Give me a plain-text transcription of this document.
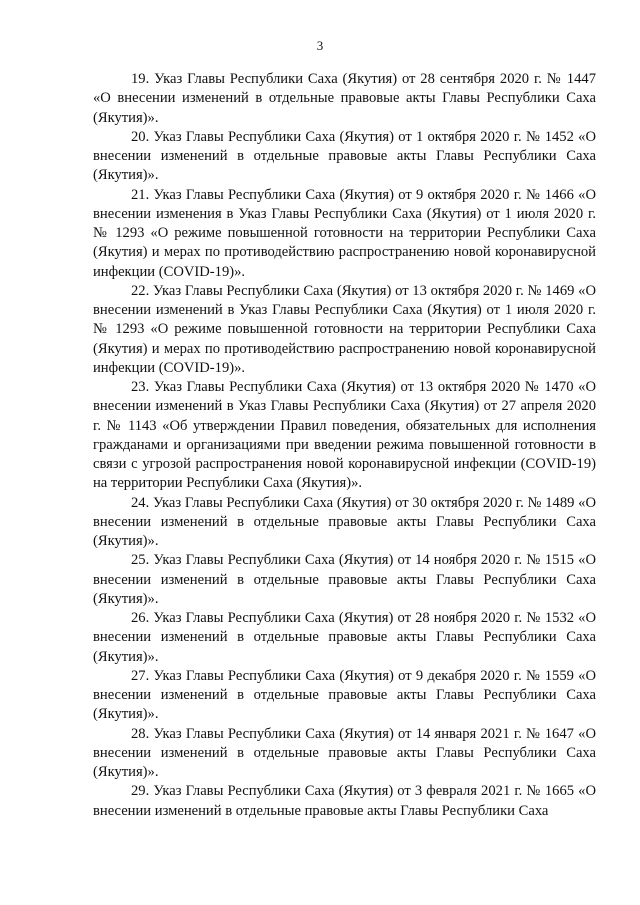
3

19. Указ Главы Республики Саха (Якутия) от 28 сентября 2020 г. № 1447 «О внесении изменений в отдельные правовые акты Главы Республики Саха (Якутия)».

20. Указ Главы Республики Саха (Якутия) от 1 октября 2020 г. № 1452 «О внесении изменений в отдельные правовые акты Главы Республики Саха (Якутия)».

21. Указ Главы Республики Саха (Якутия) от 9 октября 2020 г. № 1466 «О внесении изменения в Указ Главы Республики Саха (Якутия) от 1 июля 2020 г. № 1293 «О режиме повышенной готовности на территории Республики Саха (Якутия) и мерах по противодействию распространению новой коронавирусной инфекции (COVID-19)».

22. Указ Главы Республики Саха (Якутия) от 13 октября 2020 г. № 1469 «О внесении изменений в Указ Главы Республики Саха (Якутия) от 1 июля 2020 г. № 1293 «О режиме повышенной готовности на территории Республики Саха (Якутия) и мерах по противодействию распространению новой коронавирусной инфекции (COVID-19)».

23. Указ Главы Республики Саха (Якутия) от 13 октября 2020 № 1470 «О внесении изменений в Указ Главы Республики Саха (Якутия) от 27 апреля 2020 г. № 1143 «Об утверждении Правил поведения, обязательных для исполнения гражданами и организациями при введении режима повышенной готовности в связи с угрозой распространения новой коронавирусной инфекции (COVID-19) на территории Республики Саха (Якутия)».

24. Указ Главы Республики Саха (Якутия) от 30 октября 2020 г. № 1489 «О внесении изменений в отдельные правовые акты Главы Республики Саха (Якутия)».

25. Указ Главы Республики Саха (Якутия) от 14 ноября 2020 г. № 1515 «О внесении изменений в отдельные правовые акты Главы Республики Саха (Якутия)».

26. Указ Главы Республики Саха (Якутия) от 28 ноября 2020 г. № 1532 «О внесении изменений в отдельные правовые акты Главы Республики Саха (Якутия)».

27. Указ Главы Республики Саха (Якутия) от 9 декабря 2020 г. № 1559 «О внесении изменений в отдельные правовые акты Главы Республики Саха (Якутия)».

28. Указ Главы Республики Саха (Якутия) от 14 января 2021 г. № 1647 «О внесении изменений в отдельные правовые акты Главы Республики Саха (Якутия)».

29. Указ Главы Республики Саха (Якутия) от 3 февраля 2021 г. № 1665 «О внесении изменений в отдельные правовые акты Главы Республики Саха
